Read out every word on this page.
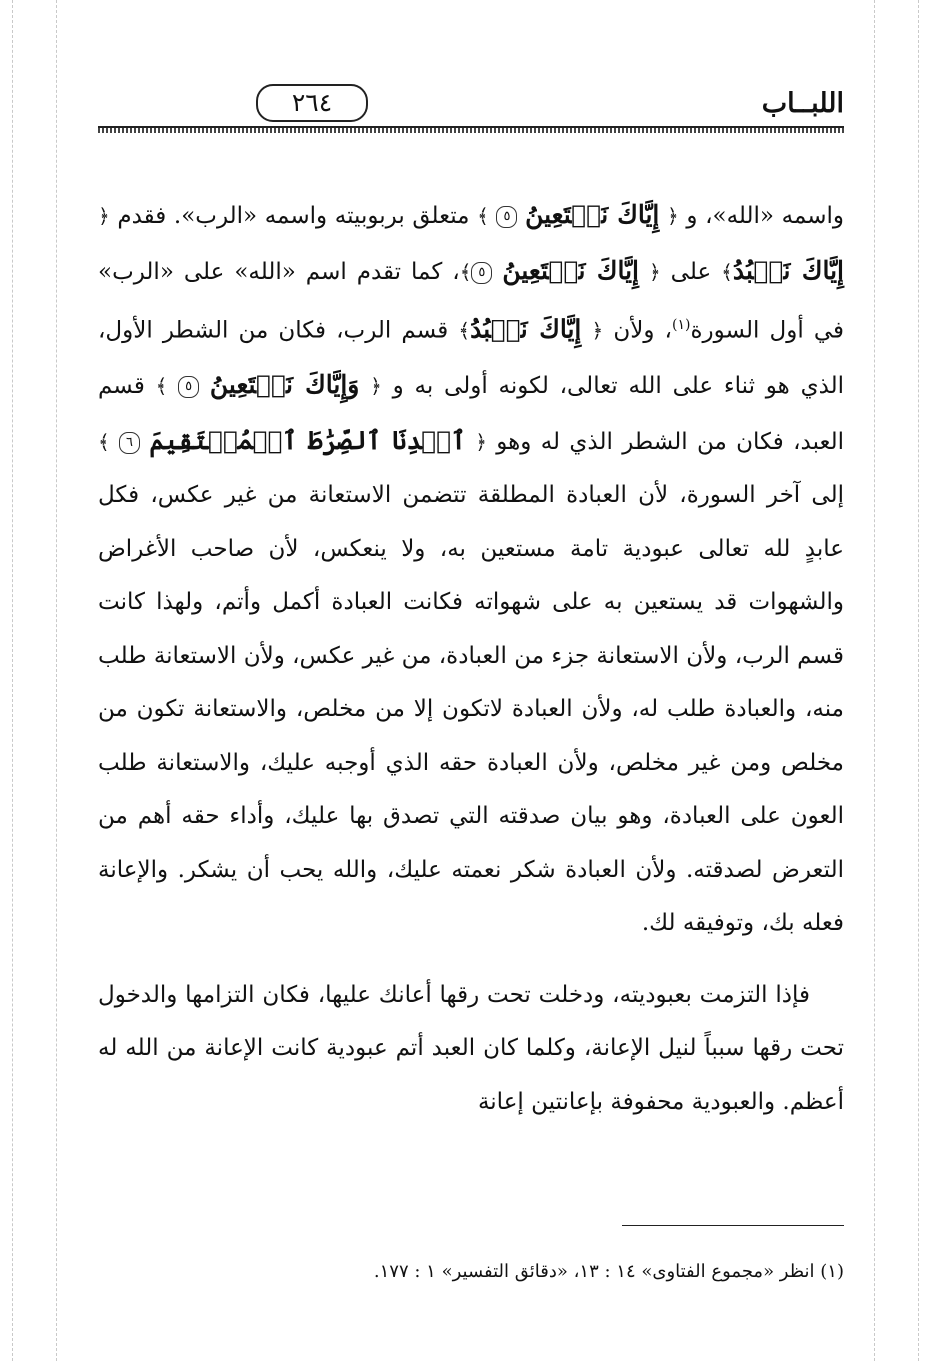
اللبــاب
٢٦٤

واسمه «الله»، و ﴿ إِيَّاكَ نَسۡتَعِينُ ٥ ﴾ متعلق بربوبيته واسمه «الرب». فقدم ﴿ إِيَّاكَ نَعۡبُدُ﴾ على ﴿ إِيَّاكَ نَسۡتَعِينُ ٥﴾، كما تقدم اسم «الله» على «الرب» في أول السورة$^{(١)}$، ولأن ﴿ إِيَّاكَ نَعۡبُدُ﴾ قسم الرب، فكان من الشطر الأول، الذي هو ثناء على الله تعالى، لكونه أولى به و ﴿ وَإِيَّاكَ نَسۡتَعِينُ ٥ ﴾ قسم العبد، فكان من الشطر الذي له وهو ﴿ ٱهۡدِنَا ٱلصِّرَٰطَ ٱلۡمُسۡتَقِيمَ ٦ ﴾ إلى آخر السورة، لأن العبادة المطلقة تتضمن الاستعانة من غير عكس، فكل عابدٍ لله تعالى عبودية تامة مستعين به، ولا ينعكس، لأن صاحب الأغراض والشهوات قد يستعين به على شهواته فكانت العبادة أكمل وأتم، ولهذا كانت قسم الرب، ولأن الاستعانة جزء من العبادة، من غير عكس، ولأن الاستعانة طلب منه، والعبادة طلب له، ولأن العبادة لاتكون إلا من مخلص، والاستعانة تكون من مخلص ومن غير مخلص، ولأن العبادة حقه الذي أوجبه عليك، والاستعانة طلب العون على العبادة، وهو بيان صدقته التي تصدق بها عليك، وأداء حقه أهم من التعرض لصدقته. ولأن العبادة شكر نعمته عليك، والله يحب أن يشكر. والإعانة فعله بك، وتوفيقه لك.

فإذا التزمت بعبوديته، ودخلت تحت رقها أعانك عليها، فكان التزامها والدخول تحت رقها سبباً لنيل الإعانة، وكلما كان العبد أتم عبودية كانت الإعانة من الله له أعظم. والعبودية محفوفة بإعانتين إعانة

(١) انظر «مجموع الفتاوى» ١٤ : ١٣، «دقائق التفسير» ١ : ١٧٧.
